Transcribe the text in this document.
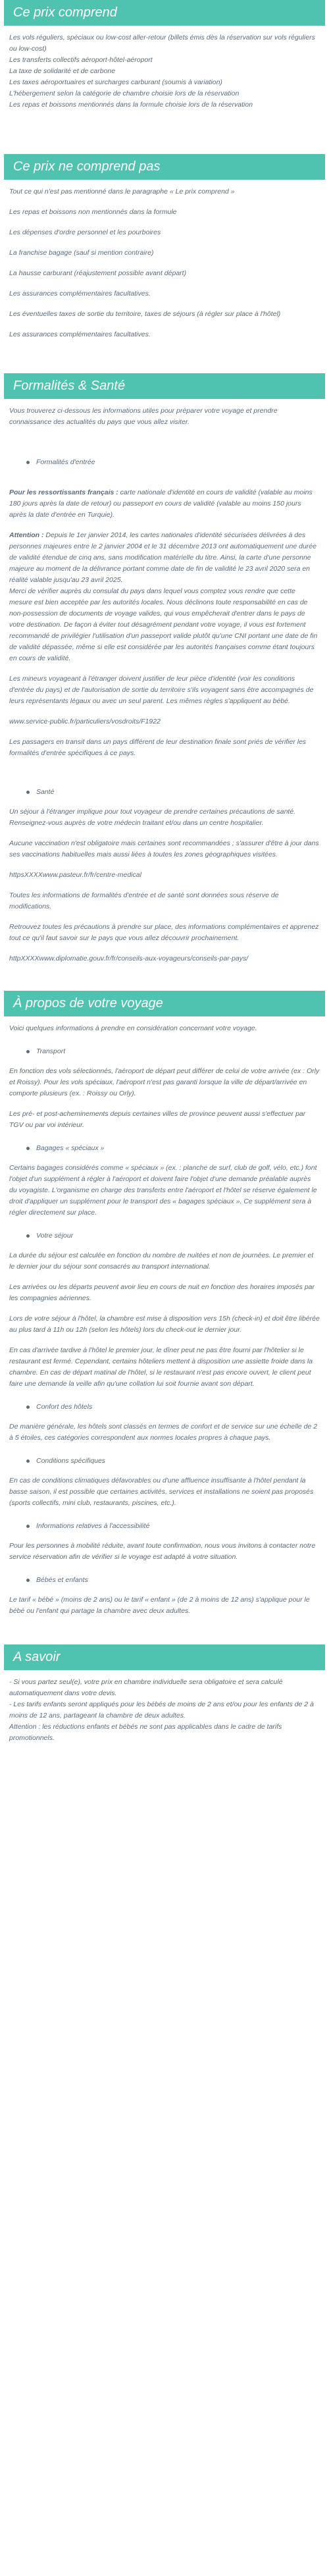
Ce prix comprend
Les vols réguliers, spéciaux ou low-cost aller-retour (billets émis dès la réservation sur vols réguliers ou low-cost)
Les transferts collectifs aéroport-hôtel-aéroport
La taxe de solidarité et de carbone
Les taxes aéroportuaires et surcharges carburant (soumis à variation)
L'hébergement selon la catégorie de chambre choisie lors de la réservation
Les repas et boissons mentionnés dans la formule choisie lors de la réservation
Ce prix ne comprend pas

Tout ce qui n'est pas mentionné dans le paragraphe « Le prix comprend »

Les repas et boissons non mentionnés dans la formule

Les dépenses d'ordre personnel et les pourboires

La franchise bagage (sauf si mention contraire)

La hausse carburant (réajustement possible avant départ)

Les assurances complémentaires facultatives.

Les éventuelles taxes de sortie du territoire, taxes de séjours (à régler sur place à l'hôtel)

Les assurances complémentaires facultatives.

Formalités & Santé

Vous trouverez ci-dessous les informations utiles pour préparer votre voyage et prendre connaissance des actualités du pays que vous allez visiter.

Formalités d'entrée

Pour les ressortissants français : carte nationale d'identité en cours de validité (valable au moins 180 jours après la date de retour) ou passeport en cours de validité (valable au moins 150 jours après la date d'entrée en Turquie).

Attention : Depuis le 1er janvier 2014, les cartes nationales d'identité sécurisées délivrées à des personnes majeures entre le 2 janvier 2004 et le 31 décembre 2013 ont automatiquement une durée de validité étendue de cinq ans, sans modification matérielle du titre. Ainsi, la carte d'une personne majeure au moment de la délivrance portant comme date de fin de validité le 23 avril 2020 sera en réalité valable jusqu'au 23 avril 2025.

Merci de vérifier auprès du consulat du pays dans lequel vous comptez vous rendre que cette mesure est bien acceptée par les autorités locales. Nous déclinons toute responsabilité en cas de non-possession de documents de voyage valides, qui vous empêcherait d'entrer dans le pays de votre destination. De façon à éviter tout désagrément pendant votre voyage, il vous est fortement recommandé de privilégier l'utilisation d'un passeport valide plutôt qu'une CNI portant une date de fin de validité dépassée, même si elle est considérée par les autorités françaises comme étant toujours en cours de validité.

Les mineurs voyageant à l'étranger doivent justifier de leur pièce d'identité (voir les conditions d'entrée du pays) et de l'autorisation de sortie du territoire s'ils voyagent sans être accompagnés de leurs représentants légaux ou avec un seul parent. Les mêmes règles s'appliquent au bébé.

www.service-public.fr/particuliers/vosdroits/F1922

Les passagers en transit dans un pays différent de leur destination finale sont priés de vérifier les formalités d'entrée spécifiques à ce pays.

Santé

Un séjour à l'étranger implique pour tout voyageur de prendre certaines précautions de santé. Renseignez-vous auprès de votre médecin traitant et/ou dans un centre hospitalier.

Aucune vaccination n'est obligatoire mais certaines sont recommandées ; s'assurer d'être à jour dans ses vaccinations habituelles mais aussi liées à toutes les zones géographiques visitées.

httpsXXXXwww.pasteur.fr/fr/centre-medical

Toutes les informations de formalités d'entrée et de santé sont données sous réserve de modifications.

Retrouvez toutes les précautions à prendre sur place, des informations complémentaires et apprenez tout ce qu'il faut savoir sur le pays que vous allez découvrir prochainement.

httpXXXXwww.diplomatie.gouv.fr/fr/conseils-aux-voyageurs/conseils-par-pays/

À propos de votre voyage

Voici quelques informations à prendre en considération concernant votre voyage.

Transport

En fonction des vols sélectionnés, l'aéroport de départ peut différer de celui de votre arrivée (ex : Orly et Roissy). Pour les vols spéciaux, l'aéroport n'est pas garanti lorsque la ville de départ/arrivée en comporte plusieurs (ex. : Roissy ou Orly).

Les pré- et post-acheminements depuis certaines villes de province peuvent aussi s'effectuer par TGV ou par voi intérieur.

Bagages « spéciaux »

Certains bagages considérés comme « spéciaux » (ex. : planche de surf, club de golf, vélo, etc.) font l'objet d'un supplément à régler à l'aéroport et doivent faire l'objet d'une demande préalable auprès du voyagiste. L'organisme en charge des transferts entre l'aéroport et l'hôtel se réserve également le droit d'appliquer un supplément pour le transport des « bagages spéciaux ». Ce supplément sera à régler directement sur place.

Votre séjour

La durée du séjour est calculée en fonction du nombre de nuitées et non de journées. Le premier et le dernier jour du séjour sont consacrés au transport international.

Les arrivées ou les départs peuvent avoir lieu en cours de nuit en fonction des horaires imposés par les compagnies aériennes.

Lors de votre séjour à l'hôtel, la chambre est mise à disposition vers 15h (check-in) et doit être libérée au plus tard à 11h ou 12h (selon les hôtels) lors du check-out le dernier jour.

En cas d'arrivée tardive à l'hôtel le premier jour, le dîner peut ne pas être fourni par l'hôtelier si le restaurant est fermé. Cependant, certains hôteliers mettent à disposition une assiette froide dans la chambre. En cas de départ matinal de l'hôtel, si le restaurant n'est pas encore ouvert, le client peut faire une demande la veille afin qu'une collation lui soit fournie avant son départ.

Confort des hôtels

De manière générale, les hôtels sont classés en termes de confort et de service sur une échelle de 2 à 5 étoiles, ces catégories correspondent aux normes locales propres à chaque pays.

Conditions spécifiques

En cas de conditions climatiques défavorables ou d'une affluence insuffisante à l'hôtel pendant la basse saison, il est possible que certaines activités, services et installations ne soient pas proposés (sports collectifs, mini club, restaurants, piscines, etc.).

Informations relatives à l'accessibilité

Pour les personnes à mobilité réduite, avant toute confirmation, nous vous invitons à contacter notre service réservation afin de vérifier si le voyage est adapté à votre situation.

Bébés et enfants

Le tarif « bébé » (moins de 2 ans) ou le tarif « enfant » (de 2 à moins de 12 ans) s'applique pour le bébé ou l'enfant qui partage la chambre avec deux adultes.

A savoir
- Si vous partez seul(e), votre prix en chambre individuelle sera obligatoire et sera calculé automatiquement dans votre devis.
- Les tarifs enfants seront appliqués pour les bébés de moins de 2 ans et/ou pour les enfants de 2 à moins de 12 ans, partageant la chambre de deux adultes.
Attention : les réductions enfants et bébés ne sont pas applicables dans le cadre de tarifs promotionnels.
